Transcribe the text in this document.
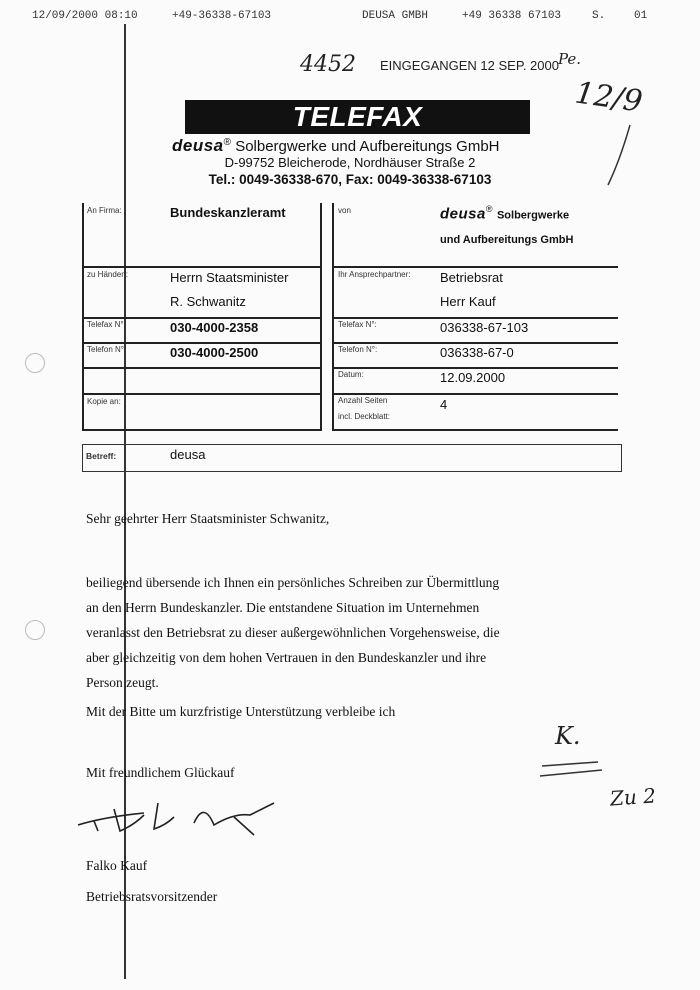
12/09/2000 08:10	+49-36338-67103	DEUSA GMBH	+49 36338 67103	S.	01
4452 EINGEGANGEN 12 SEP. 2000 Pe.
12/9
TELEFAX
deusa® Solbergwerke und Aufbereitungs GmbH
D-99752 Bleicherode, Nordhäuser Straße 2
Tel.: 0049-36338-670, Fax: 0049-36338-67103
An Firma:	Bundeskanzleramt
zu Händen:	Herrn Staatsminister
R. Schwanitz
Telefax N°:	030-4000-2358
Telefon N°:	030-4000-2500
Kopie an:
von	deusa® Solbergwerke
und Aufbereitungs GmbH
Ihr Ansprechpartner: Betriebsrat
Herr Kauf
Telefax N°:	036338-67-103
Telefon N°:	036338-67-0
Datum:	12.09.2000
Anzahl Seiten
incl. Deckblatt:
4
Betreff:	deusa
Sehr geehrter Herr Staatsminister Schwanitz,
beiliegend übersende ich Ihnen ein persönliches Schreiben zur Übermittlung
an den Herrn Bundeskanzler. Die entstandene Situation im Unternehmen
veranlasst den Betriebsrat zu dieser außergewöhnlichen Vorgehensweise, die
aber gleichzeitig von dem hohen Vertrauen in den Bundeskanzler und ihre
Person zeugt.
Mit der Bitte um kurzfristige Unterstützung verbleibe ich
Mit freundlichem Glückauf
Falko Kauf
Betriebsratsvorsitzender
K.
Zu 2
